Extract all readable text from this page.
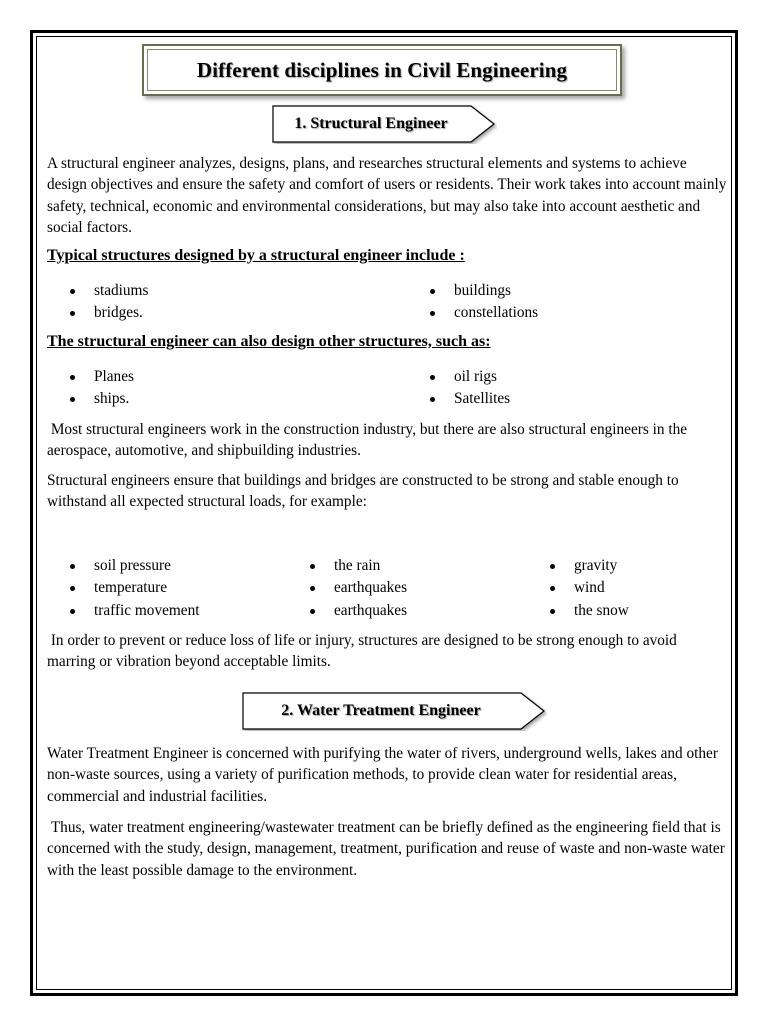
Different disciplines in Civil Engineering
1. Structural Engineer

A structural engineer analyzes, designs, plans, and researches structural elements and systems to achieve design objectives and ensure the safety and comfort of users or residents. Their work takes into account mainly safety, technical, economic and environmental considerations, but may also take into account aesthetic and social factors.

Typical structures designed by a structural engineer include :
stadiums
bridges.
buildings
constellations
The structural engineer can also design other structures, such as:
Planes
ships.
oil rigs
Satellites

Most structural engineers work in the construction industry, but there are also structural engineers in the aerospace, automotive, and shipbuilding industries.

Structural engineers ensure that buildings and bridges are constructed to be strong and stable enough to withstand all expected structural loads, for example:

soil pressure
temperature
traffic movement
the rain
earthquakes
earthquakes
gravity
wind
the snow

In order to prevent or reduce loss of life or injury, structures are designed to be strong enough to avoid marring or vibration beyond acceptable limits.

2. Water Treatment Engineer

Water Treatment Engineer is concerned with purifying the water of rivers, underground wells, lakes and other non-waste sources, using a variety of purification methods, to provide clean water for residential areas, commercial and industrial facilities.

Thus, water treatment engineering/wastewater treatment can be briefly defined as the engineering field that is concerned with the study, design, management, treatment, purification and reuse of waste and non-waste water with the least possible damage to the environment.
